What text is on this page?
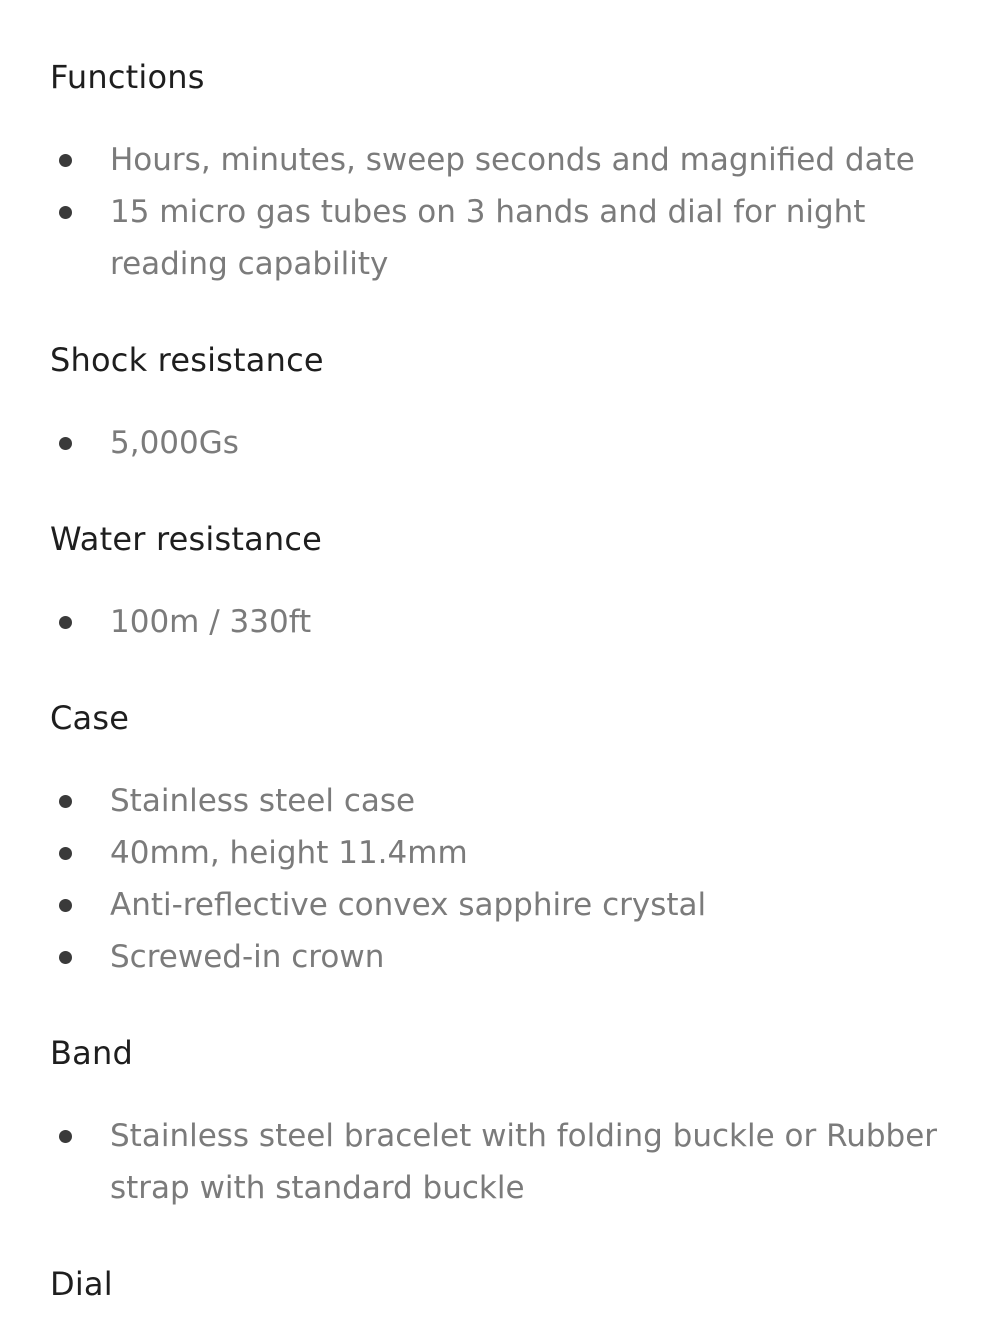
Functions
Hours, minutes, sweep seconds and magnified date
15 micro gas tubes on 3 hands and dial for night reading capability
Shock resistance
5,000Gs
Water resistance
100m / 330ft
Case
Stainless steel case
40mm, height 11.4mm
Anti-reflective convex sapphire crystal
Screwed-in crown
Band
Stainless steel bracelet with folding buckle or Rubber strap with standard buckle
Dial
